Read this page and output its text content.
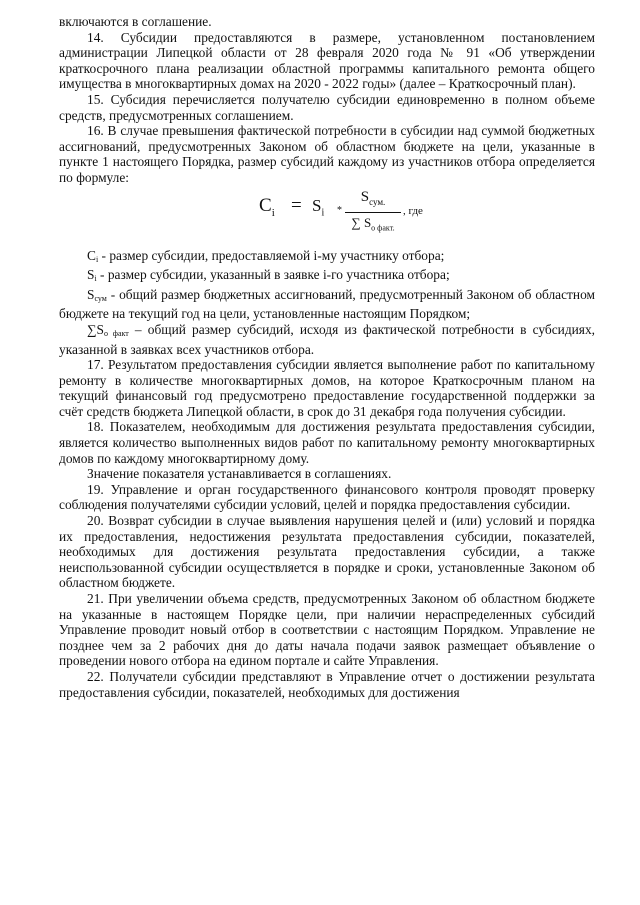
включаются в соглашение.

14. Субсидии предоставляются в размере, установленном постановлением администрации Липецкой области от 28 февраля 2020 года № 91 «Об утверждении краткосрочного плана реализации областной программы капитального ремонта общего имущества в многоквартирных домах на 2020 - 2022 годы» (далее – Краткосрочный план).

15. Субсидия перечисляется получателю субсидии единовременно в полном объеме средств, предусмотренных соглашением.

16. В случае превышения фактической потребности в субсидии над суммой бюджетных ассигнований, предусмотренных Законом об областном бюджете на цели, указанные в пункте 1 настоящего Порядка, размер субсидий каждому из участников отбора определяется по формуле:

$C_i = S_i$ *
$S_{сум.}$
∑ $S_{o факт.}$
, где

$C_i$ - размер субсидии, предоставляемой i-му участнику отбора;

$S_i$ - размер субсидии, указанный в заявке i-го участника отбора;

$S_{сум}$ - общий размер бюджетных ассигнований, предусмотренный Законом об областном бюджете на текущий год на цели, установленные настоящим Порядком;

$\sum S_{o факт}$ – общий размер субсидий, исходя из фактической потребности в субсидиях, указанной в заявках всех участников отбора.

17. Результатом предоставления субсидии является выполнение работ по капитальному ремонту в количестве многоквартирных домов, на которое Краткосрочным планом на текущий финансовый год предусмотрено предоставление государственной поддержки за счёт средств бюджета Липецкой области, в срок до 31 декабря года получения субсидии.

18. Показателем, необходимым для достижения результата предоставления субсидии, является количество выполненных видов работ по капитальному ремонту многоквартирных домов по каждому многоквартирному дому.

Значение показателя устанавливается в соглашениях.

19. Управление и орган государственного финансового контроля проводят проверку соблюдения получателями субсидии условий, целей и порядка предоставления субсидии.

20. Возврат субсидии в случае выявления нарушения целей и (или) условий и порядка их предоставления, недостижения результата предоставления субсидии, показателей, необходимых для достижения результата предоставления субсидии, а также неиспользованной субсидии осуществляется в порядке и сроки, установленные Законом об областном бюджете.

21. При увеличении объема средств, предусмотренных Законом об областном бюджете на указанные в настоящем Порядке цели, при наличии нераспределенных субсидий Управление проводит новый отбор в соответствии с настоящим Порядком. Управление не позднее чем за 2 рабочих дня до даты начала подачи заявок размещает объявление о проведении нового отбора на едином портале и сайте Управления.

22. Получатели субсидии представляют в Управление отчет о достижении результата предоставления субсидии, показателей, необходимых для достижения
